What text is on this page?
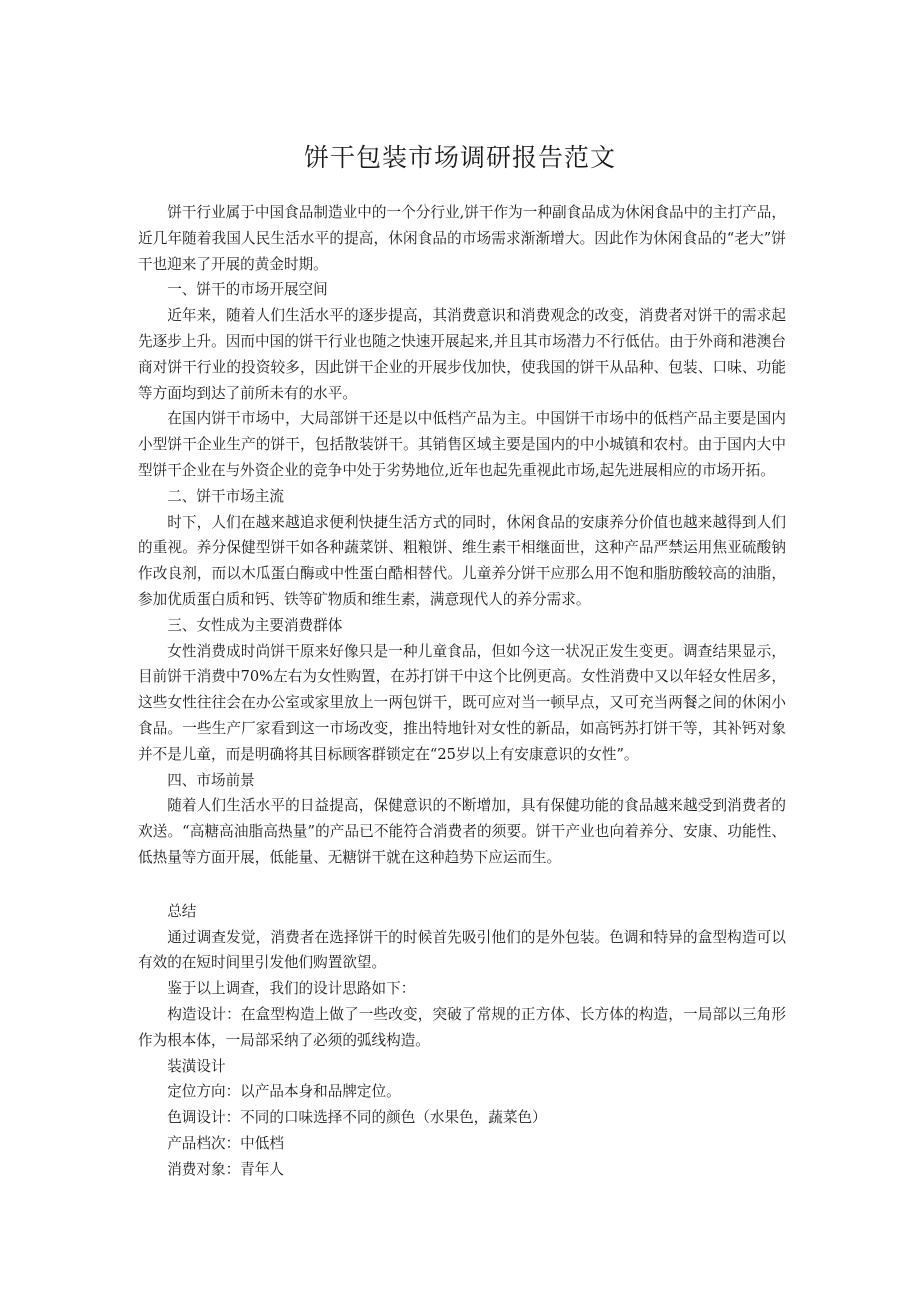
饼干包装市场调研报告范文

饼干行业属于中国食品制造业中的一个分行业,饼干作为一种副食品成为休闲食品中的主打产品，近几年随着我国人民生活水平的提高，休闲食品的市场需求渐渐增大。因此作为休闲食品的“老大”饼干也迎来了开展的黄金时期。

一、饼干的市场开展空间

近年来，随着人们生活水平的逐步提高，其消费意识和消费观念的改变，消费者对饼干的需求起先逐步上升。因而中国的饼干行业也随之快速开展起来,并且其市场潜力不行低估。由于外商和港澳台商对饼干行业的投资较多，因此饼干企业的开展步伐加快，使我国的饼干从品种、包装、口味、功能等方面均到达了前所未有的水平。

在国内饼干市场中，大局部饼干还是以中低档产品为主。中国饼干市场中的低档产品主要是国内小型饼干企业生产的饼干，包括散装饼干。其销售区域主要是国内的中小城镇和农村。由于国内大中型饼干企业在与外资企业的竞争中处于劣势地位,近年也起先重视此市场,起先进展相应的市场开拓。

二、饼干市场主流

时下，人们在越来越追求便利快捷生活方式的同时，休闲食品的安康养分价值也越来越得到人们的重视。养分保健型饼干如各种蔬菜饼、粗粮饼、维生素干相继面世，这种产品严禁运用焦亚硫酸钠作改良剂，而以木瓜蛋白酶或中性蛋白酷相替代。儿童养分饼干应那么用不饱和脂肪酸较高的油脂，参加优质蛋白质和钙、铁等矿物质和维生素，满意现代人的养分需求。

三、女性成为主要消费群体

女性消费成时尚饼干原来好像只是一种儿童食品，但如今这一状况正发生变更。调查结果显示，目前饼干消费中70%左右为女性购置，在苏打饼干中这个比例更高。女性消费中又以年轻女性居多，这些女性往往会在办公室或家里放上一两包饼干，既可应对当一顿早点，又可充当两餐之间的休闲小食品。一些生产厂家看到这一市场改变，推出特地针对女性的新品，如高钙苏打饼干等，其补钙对象并不是儿童，而是明确将其目标顾客群锁定在“25岁以上有安康意识的女性”。

四、市场前景

随着人们生活水平的日益提高，保健意识的不断增加，具有保健功能的食品越来越受到消费者的欢送。“高糖高油脂高热量”的产品已不能符合消费者的须要。饼干产业也向着养分、安康、功能性、低热量等方面开展，低能量、无糖饼干就在这种趋势下应运而生。

总结

通过调查发觉，消费者在选择饼干的时候首先吸引他们的是外包装。色调和特异的盒型构造可以有效的在短时间里引发他们购置欲望。

鉴于以上调查，我们的设计思路如下：

构造设计：在盒型构造上做了一些改变，突破了常规的正方体、长方体的构造，一局部以三角形作为根本体，一局部采纳了必须的弧线构造。

装潢设计

定位方向：以产品本身和品牌定位。

色调设计：不同的口味选择不同的颜色（水果色，蔬菜色）

产品档次：中低档

消费对象：青年人
